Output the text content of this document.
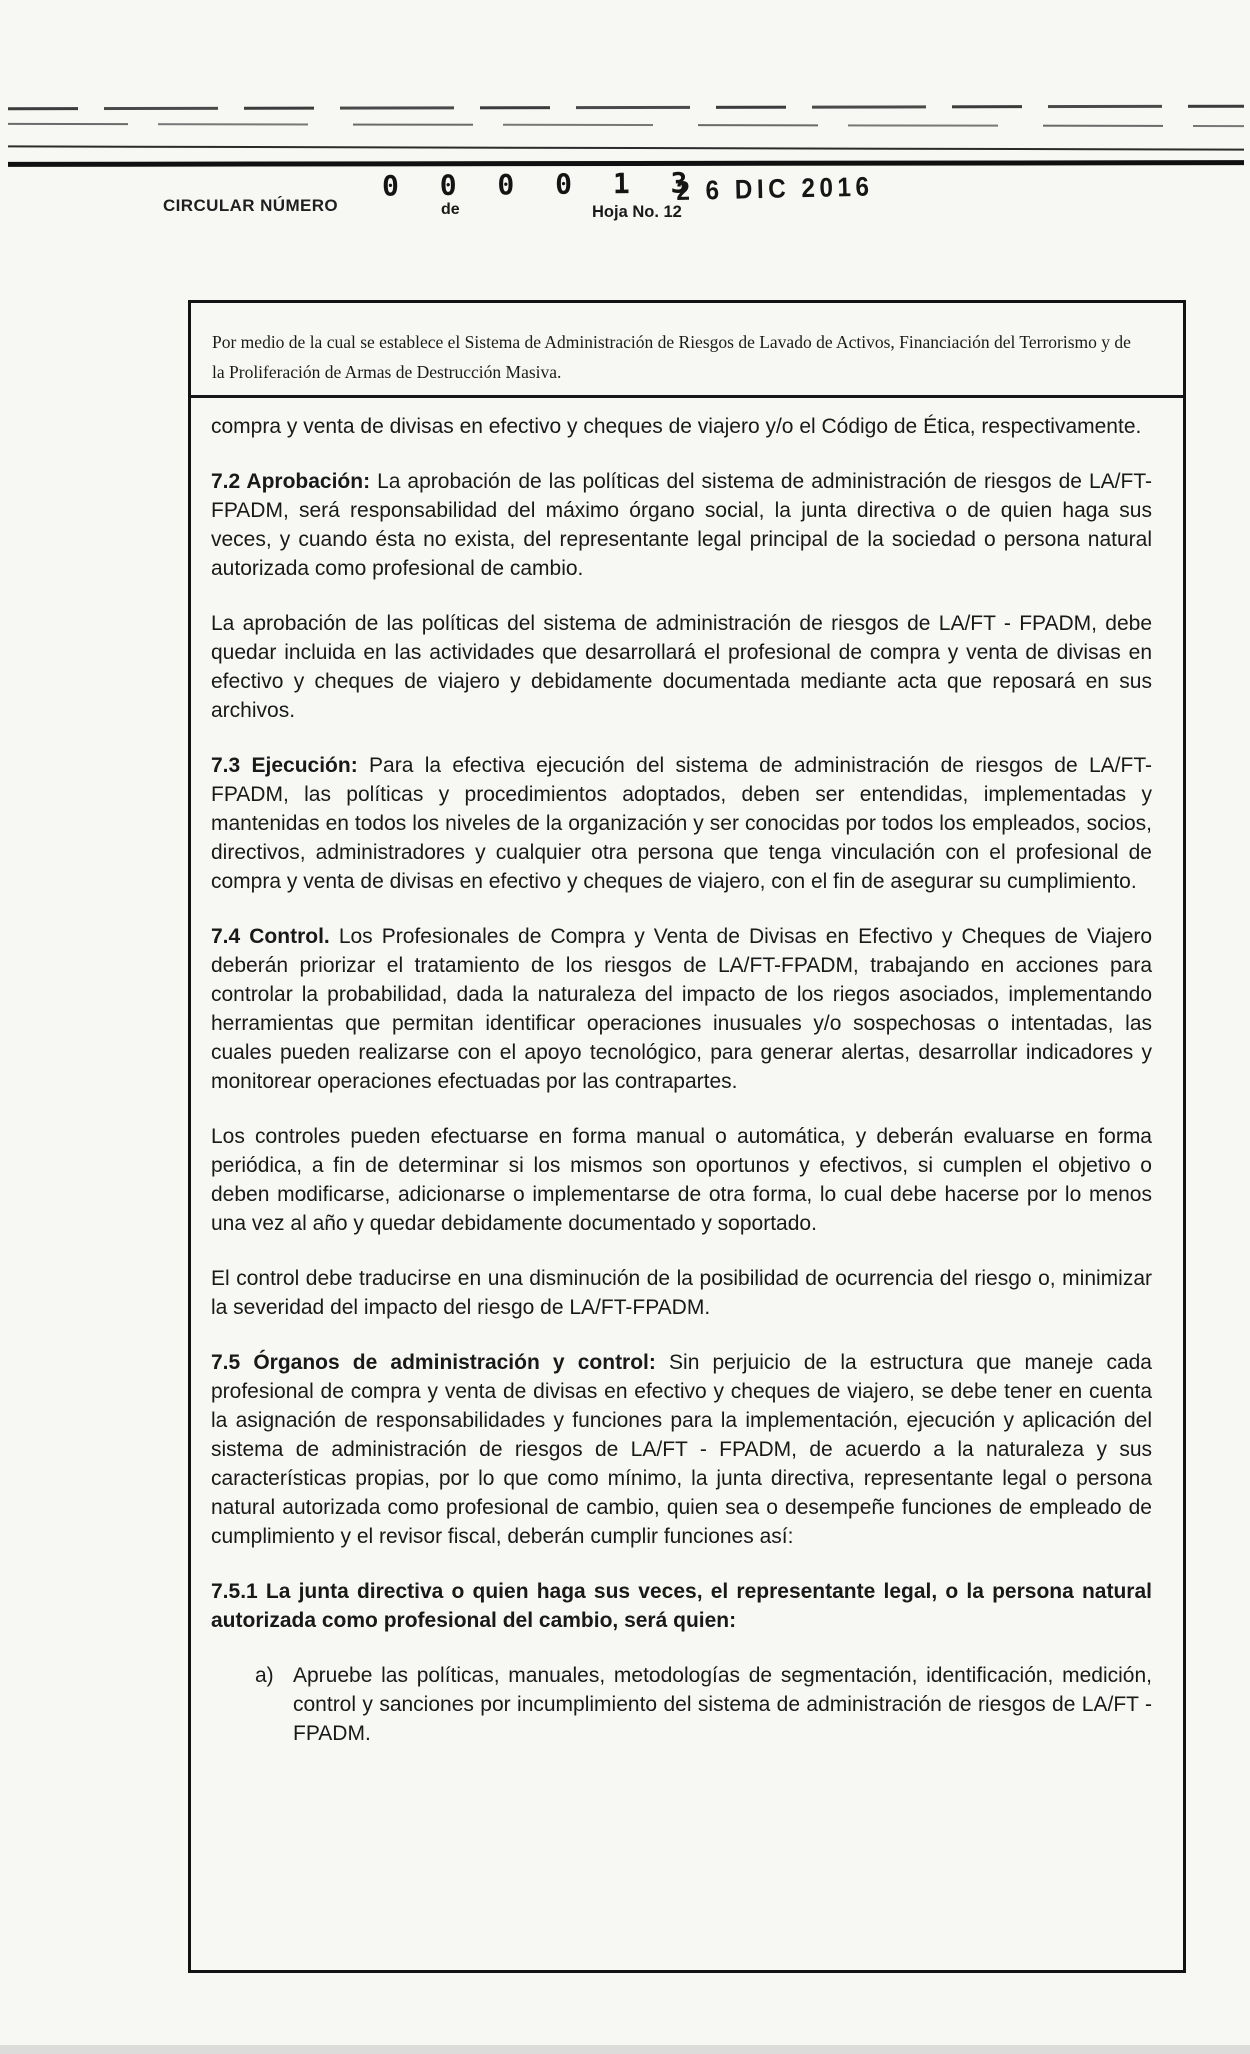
CIRCULAR NÚMERO
0 0 0 0 1 3
de	Hoja No. 12
2 6 DIC 2016

Por medio de la cual se establece el Sistema de Administración de Riesgos de Lavado de Activos, Financiación del Terrorismo y de la Proliferación de Armas de Destrucción Masiva.

compra y venta de divisas en efectivo y cheques de viajero y/o el Código de Ética, respectivamente.

7.2 Aprobación: La aprobación de las políticas del sistema de administración de riesgos de LA/FT- FPADM, será responsabilidad del máximo órgano social, la junta directiva o de quien haga sus veces, y cuando ésta no exista, del representante legal principal de la sociedad o persona natural autorizada como profesional de cambio.

La aprobación de las políticas del sistema de administración de riesgos de LA/FT - FPADM, debe quedar incluida en las actividades que desarrollará el profesional de compra y venta de divisas en efectivo y cheques de viajero y debidamente documentada mediante acta que reposará en sus archivos.

7.3 Ejecución: Para la efectiva ejecución del sistema de administración de riesgos de LA/FT-FPADM, las políticas y procedimientos adoptados, deben ser entendidas, implementadas y mantenidas en todos los niveles de la organización y ser conocidas por todos los empleados, socios, directivos, administradores y cualquier otra persona que tenga vinculación con el profesional de compra y venta de divisas en efectivo y cheques de viajero, con el fin de asegurar su cumplimiento.

7.4 Control. Los Profesionales de Compra y Venta de Divisas en Efectivo y Cheques de Viajero deberán priorizar el tratamiento de los riesgos de LA/FT-FPADM, trabajando en acciones para controlar la probabilidad, dada la naturaleza del impacto de los riegos asociados, implementando herramientas que permitan identificar operaciones inusuales y/o sospechosas o intentadas, las cuales pueden realizarse con el apoyo tecnológico, para generar alertas, desarrollar indicadores y monitorear operaciones efectuadas por las contrapartes.

Los controles pueden efectuarse en forma manual o automática, y deberán evaluarse en forma periódica, a fin de determinar si los mismos son oportunos y efectivos, si cumplen el objetivo o deben modificarse, adicionarse o implementarse de otra forma, lo cual debe hacerse por lo menos una vez al año y quedar debidamente documentado y soportado.

El control debe traducirse en una disminución de la posibilidad de ocurrencia del riesgo o, minimizar la severidad del impacto del riesgo de LA/FT-FPADM.

7.5 Órganos de administración y control: Sin perjuicio de la estructura que maneje cada profesional de compra y venta de divisas en efectivo y cheques de viajero, se debe tener en cuenta la asignación de responsabilidades y funciones para la implementación, ejecución y aplicación del sistema de administración de riesgos de LA/FT - FPADM, de acuerdo a la naturaleza y sus características propias, por lo que como mínimo, la junta directiva, representante legal o persona natural autorizada como profesional de cambio, quien sea o desempeñe funciones de empleado de cumplimiento y el revisor fiscal, deberán cumplir funciones así:

7.5.1 La junta directiva o quien haga sus veces, el representante legal, o la persona natural autorizada como profesional del cambio, será quien:

a) Apruebe las políticas, manuales, metodologías de segmentación, identificación, medición, control y sanciones por incumplimiento del sistema de administración de riesgos de LA/FT - FPADM.
